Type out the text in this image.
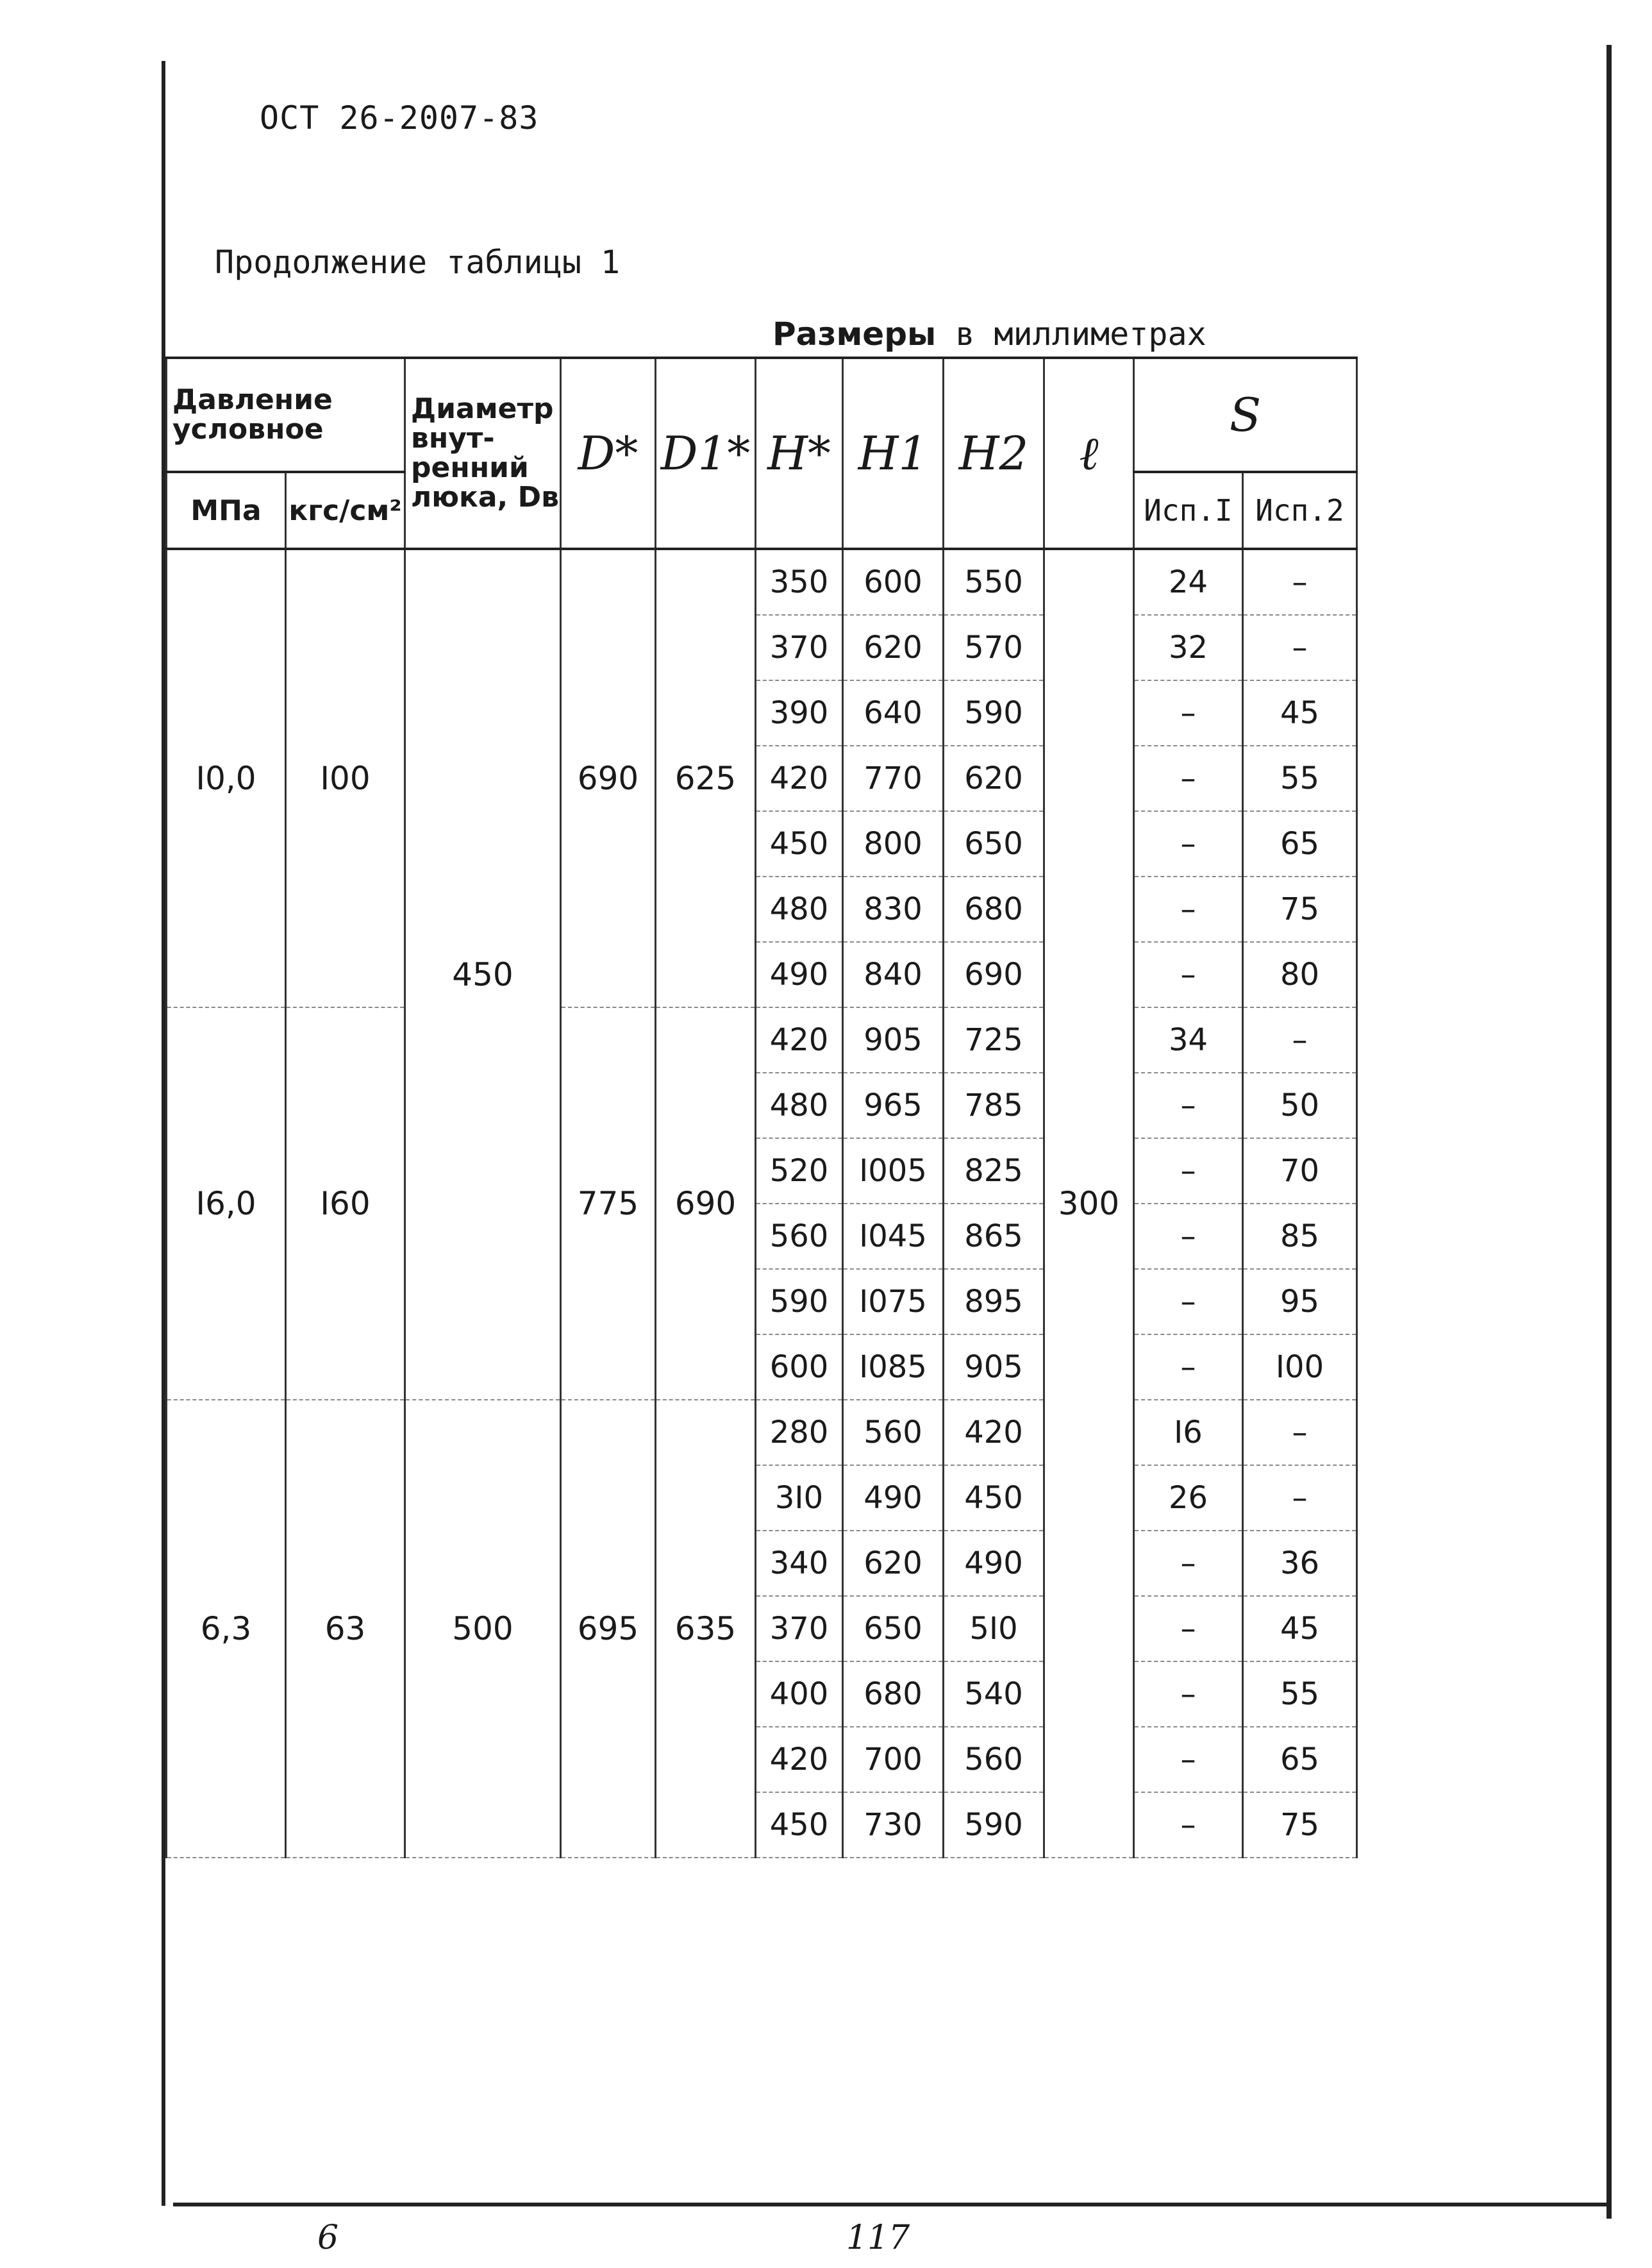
ОСТ 26-2007-83
Продолжение таблицы 1
Размеры в миллиметрах
Давление условное		Диаметр внут-ренний люка, Dв	D*	D1*	H*	H1	H2	ℓ	S	
МПа	кгс/см²								Исп.I	Исп.2
I0,0	I00	450	690	625	350	600	550	300	24	–
					370	620	570		32	–
					390	640	590		–	45
					420	770	620		–	55
					450	800	650		–	65
					480	830	680		–	75
					490	840	690		–	80
I6,0	I60		775	690	420	905	725		34	–
					480	965	785		–	50
					520	I005	825		–	70
					560	I045	865		–	85
					590	I075	895		–	95
					600	I085	905		–	I00
6,3	63	500	695	635	280	560	420		I6	–
					3I0	490	450		26	–
					340	620	490		–	36
					370	650	5I0		–	45
					400	680	540		–	55
					420	700	560		–	65
					450	730	590		–	75
6	117
